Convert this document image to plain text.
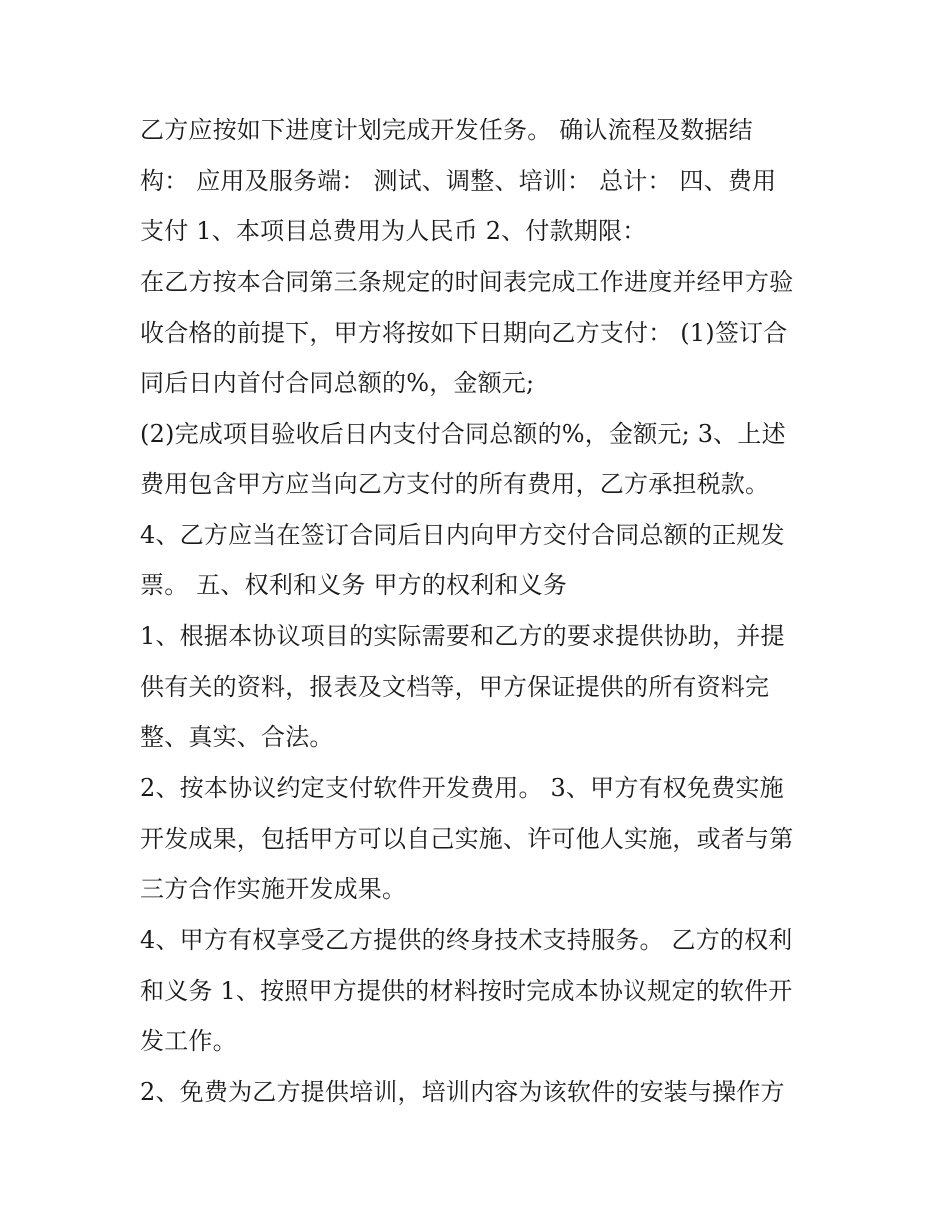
乙方应按如下进度计划完成开发任务。 确认流程及数据结
构： 应用及服务端： 测试、调整、培训： 总计： 四、费用
支付 1、本项目总费用为人民币 2、付款期限：
在乙方按本合同第三条规定的时间表完成工作进度并经甲方验
收合格的前提下，甲方将按如下日期向乙方支付： (1)签订合
同后日内首付合同总额的%，金额元;
(2)完成项目验收后日内支付合同总额的%，金额元; 3、上述
费用包含甲方应当向乙方支付的所有费用，乙方承担税款。
4、乙方应当在签订合同后日内向甲方交付合同总额的正规发
票。 五、权利和义务 甲方的权利和义务
1、根据本协议项目的实际需要和乙方的要求提供协助，并提
供有关的资料，报表及文档等，甲方保证提供的所有资料完
整、真实、合法。
2、按本协议约定支付软件开发费用。 3、甲方有权免费实施
开发成果，包括甲方可以自己实施、许可他人实施，或者与第
三方合作实施开发成果。
4、甲方有权享受乙方提供的终身技术支持服务。 乙方的权利
和义务 1、按照甲方提供的材料按时完成本协议规定的软件开
发工作。
2、免费为乙方提供培训，培训内容为该软件的安装与操作方
